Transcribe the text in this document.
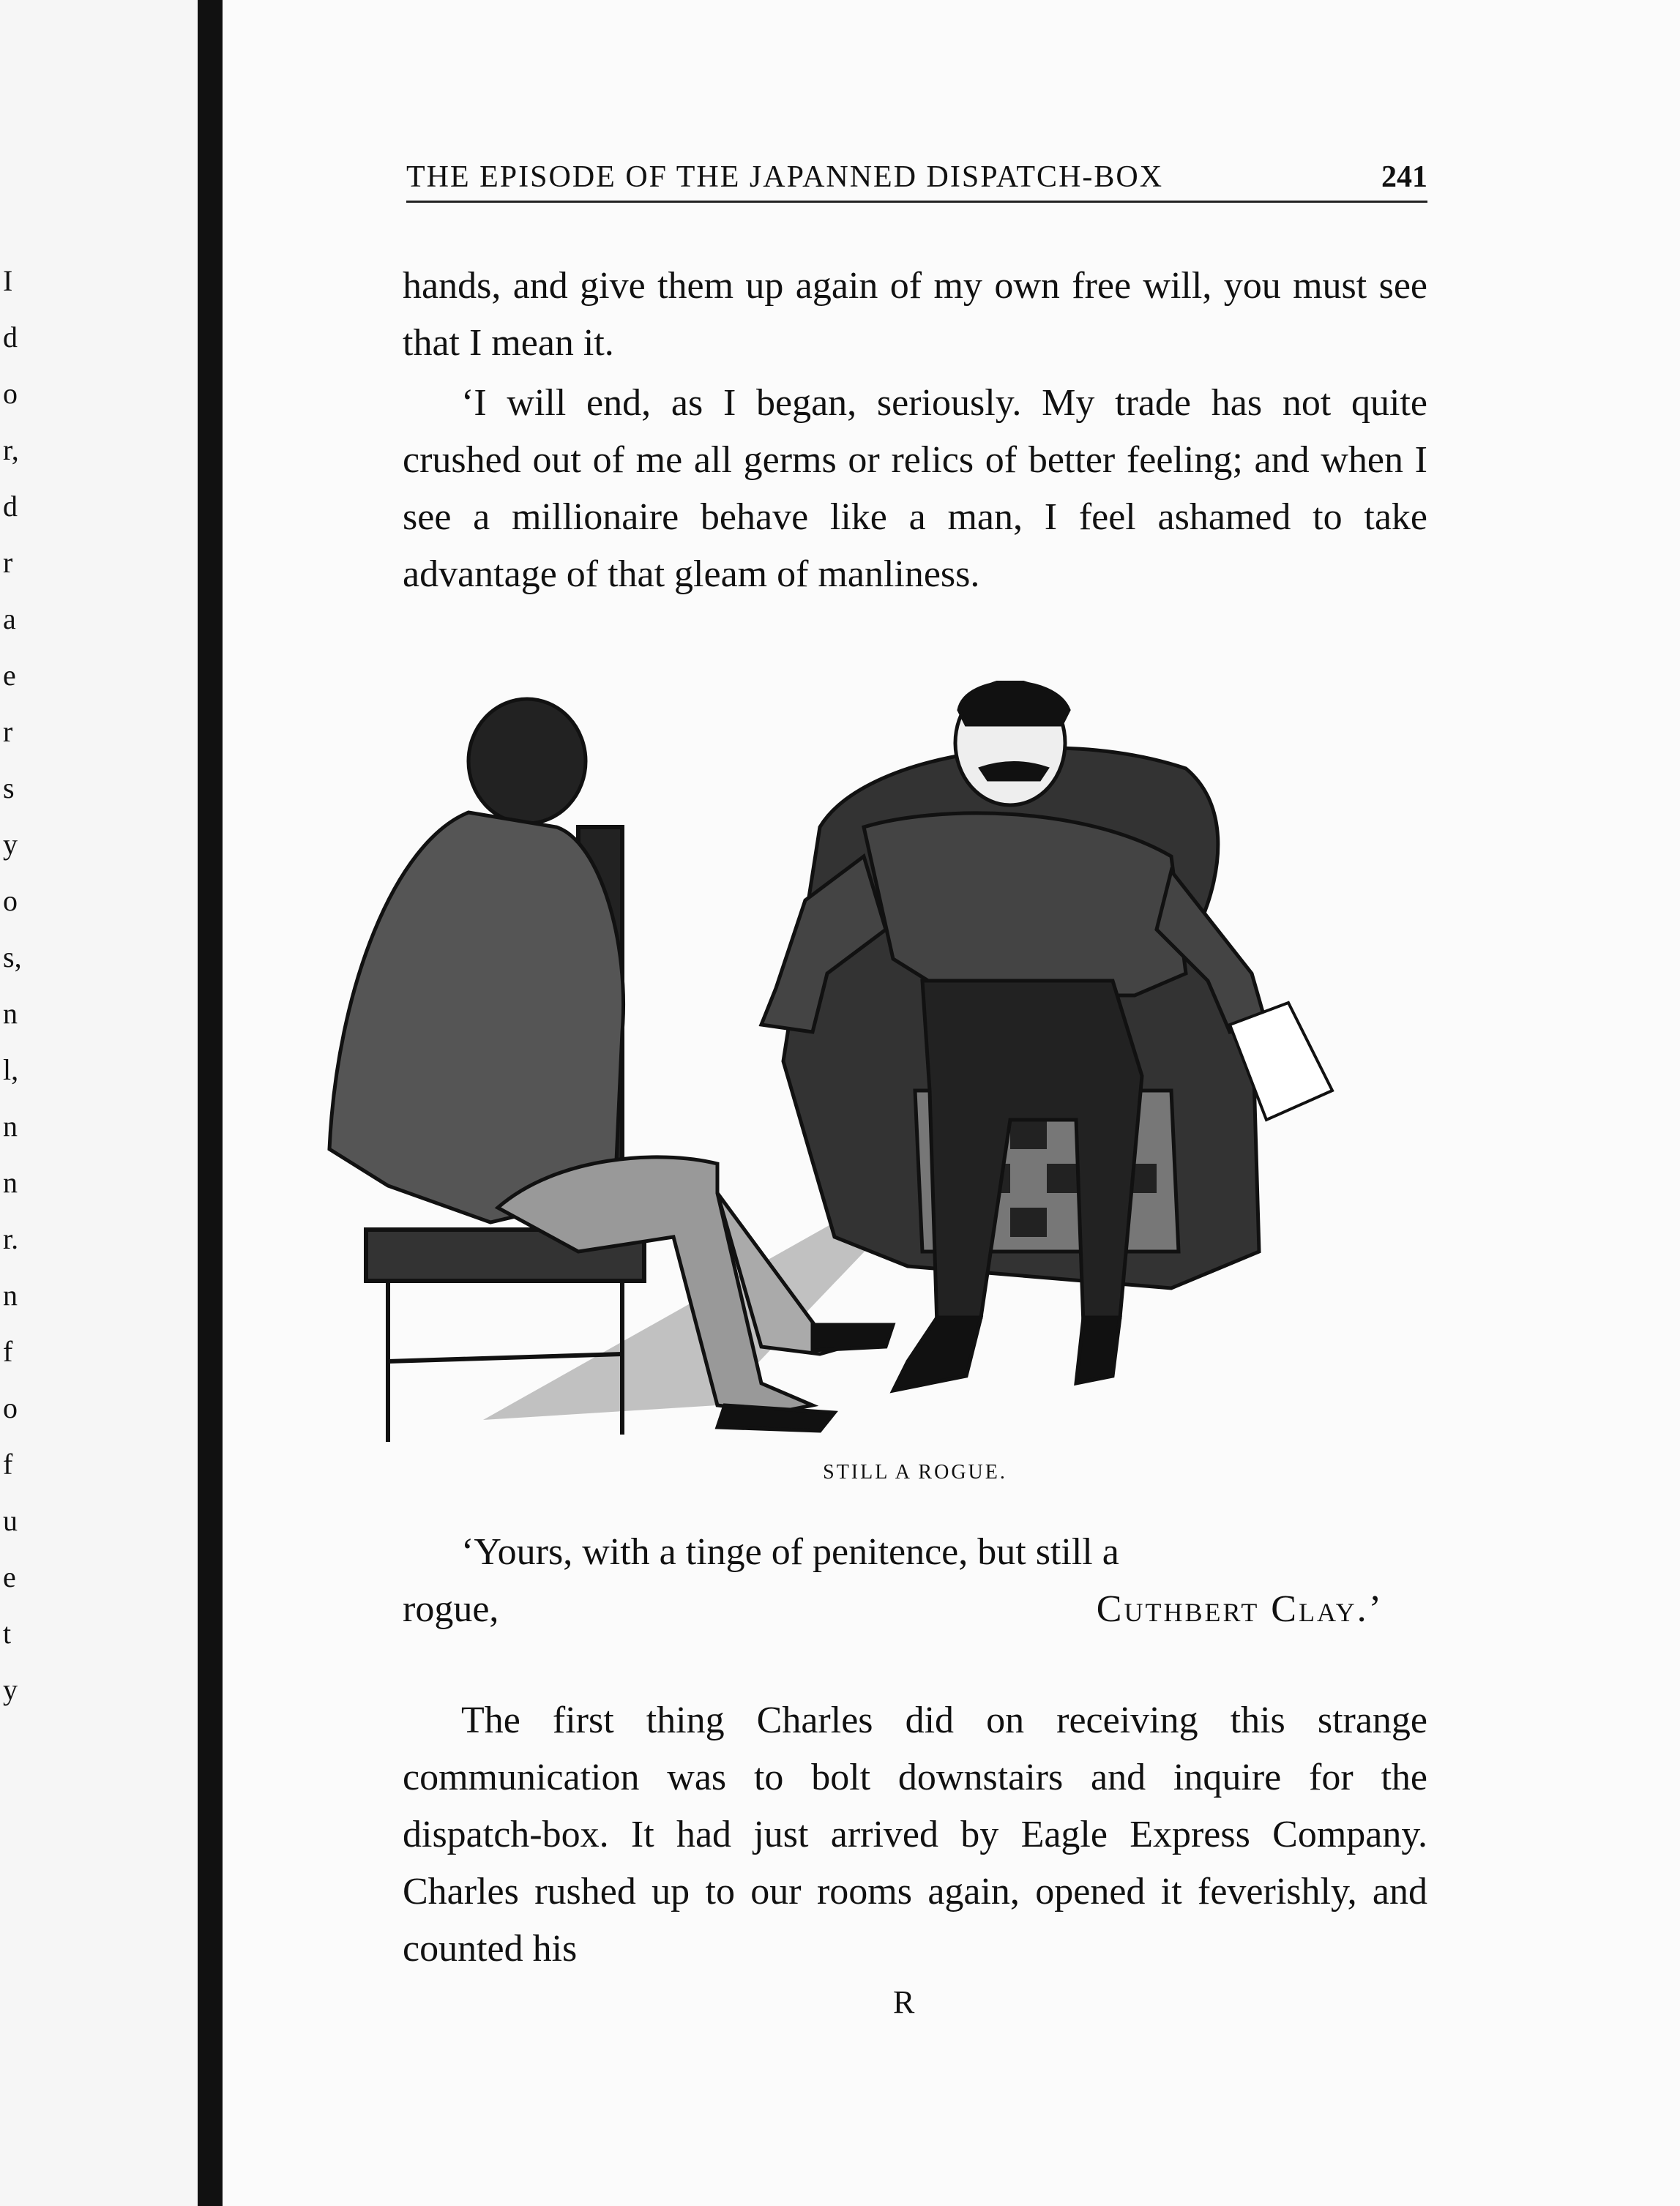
I
d
o
r,
d
r
a
e
r
s
y
o
s,
n
l,
n
n
r.
n
f
o
f
u
e
t
y
THE EPISODE OF THE JAPANNED DISPATCH-BOX	241

hands, and give them up again of my own free will, you must see that I mean it.

‘I will end, as I began, seriously. My trade has not quite crushed out of me all germs or relics of better feeling; and when I see a millionaire behave like a man, I feel ashamed to take advantage of that gleam of manliness.

STILL A ROGUE.

‘Yours, with a tinge of penitence, but still a

rogue,	Cuthbert Clay.’

The first thing Charles did on receiving this strange communication was to bolt downstairs and inquire for the dispatch-box. It had just arrived by Eagle Express Company. Charles rushed up to our rooms again, opened it feverishly, and counted his

R
